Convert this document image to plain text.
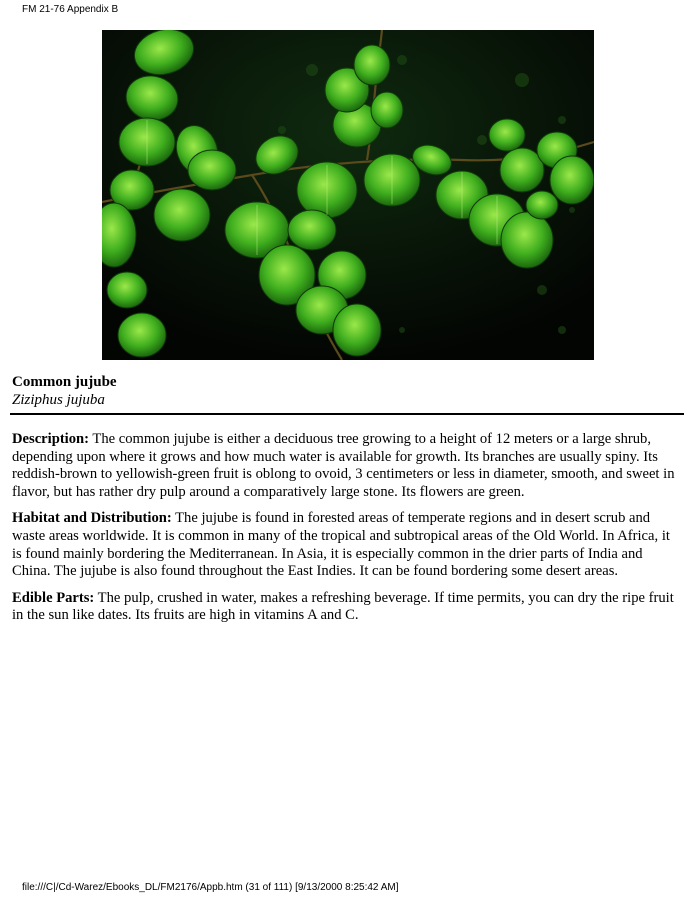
FM 21-76 Appendix B
Common jujube
Ziziphus jujuba

Description: The common jujube is either a deciduous tree growing to a height of 12 meters or a large shrub, depending upon where it grows and how much water is available for growth. Its branches are usually spiny. Its reddish-brown to yellowish-green fruit is oblong to ovoid, 3 centimeters or less in diameter, smooth, and sweet in flavor, but has rather dry pulp around a comparatively large stone. Its flowers are green.

Habitat and Distribution: The jujube is found in forested areas of temperate regions and in desert scrub and waste areas worldwide. It is common in many of the tropical and subtropical areas of the Old World. In Africa, it is found mainly bordering the Mediterranean. In Asia, it is especially common in the drier parts of India and China. The jujube is also found throughout the East Indies. It can be found bordering some desert areas.

Edible Parts: The pulp, crushed in water, makes a refreshing beverage. If time permits, you can dry the ripe fruit in the sun like dates. Its fruits are high in vitamins A and C.

file:///C|/Cd-Warez/Ebooks_DL/FM2176/Appb.htm (31 of 111) [9/13/2000 8:25:42 AM]
